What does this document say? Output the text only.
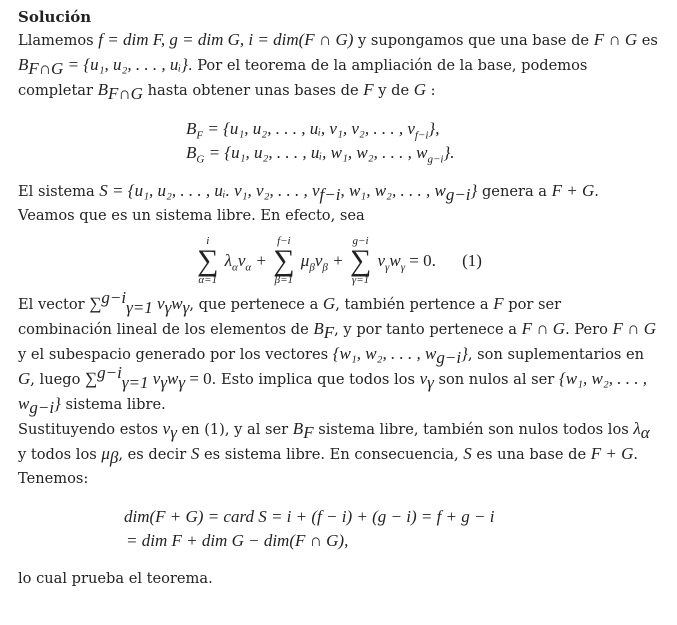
Solución

Llamemos f = dim F, g = dim G, i = dim(F ∩ G) y supongamos que una base de F ∩ G es $B_{F\cap G} = \{u_1$, u₂, . . . , uᵢ}. Por el teorema de la ampliación de la base, podemos completar $B_{F\cap G}$ hasta obtener unas bases de F y de G :

$B_F = \{u_1$, u₂, . . . , uᵢ, v₁, v₂, . . . , $v_{f-i}$},
$B_G = \{u_1$, u₂, . . . , uᵢ, w₁, w₂, . . . , $w_{g-i}$}.

El sistema S = {u₁, u₂, . . . , uᵢ. v₁, v₂, . . . , $v_{f-i}$, w₁, w₂, . . . , $w_{g-i}$} genera a F + G. Veamos que es un sistema libre. En efecto, sea

i
∑
α=1
$\lambda_\alpha v_\alpha$ +
f−i
∑
β=1
$\mu_\beta v_\beta$ +
g−i
∑
γ=1
$\nu_\gamma w_\gamma = 0$. (1)

El vector ∑$^{g-i}_{\gamma=1}$ $\nu_\gamma w_\gamma$, que pertenece a G, también pertence a F por ser combinación lineal de los elementos de $B_F$, y por tanto pertenece a F ∩ G. Pero F ∩ G y el subespacio generado por los vectores {w₁, w₂, . . . , $w_{g-i}$}, son suplementarios en G, luego ∑$^{g-i}_{\gamma=1}$ $\nu_\gamma w_\gamma = 0$. Esto implica que todos los $\nu_\gamma$ son nulos al ser {w₁, w₂, . . . , $w_{g-i}$} sistema libre.

Sustituyendo estos $\nu_\gamma$ en (1), y al ser $B_F$ sistema libre, también son nulos todos los $\lambda_\alpha$ y todos los $\mu_\beta$, es decir S es sistema libre. En consecuencia, S es una base de F + G.
Tenemos:

dim(F + G) = card S = i + (f − i) + (g − i) = f + g − i
= dim F + dim G − dim(F ∩ G),

lo cual prueba el teorema.
